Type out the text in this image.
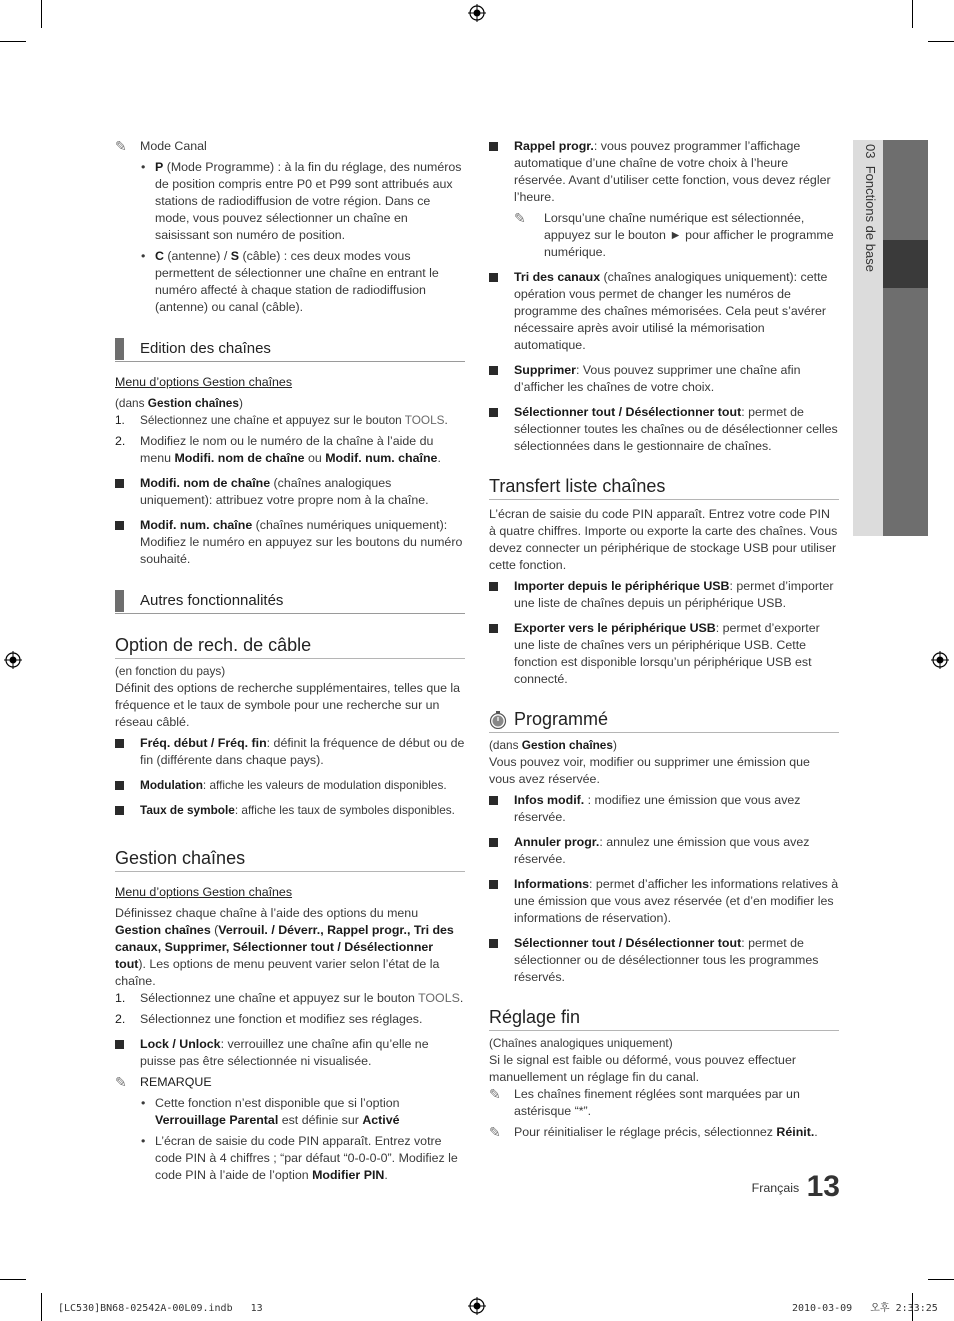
03  Fonctions de base
✎ Mode Canal
• P (Mode Programme) : à la fin du réglage, des numéros de position compris entre P0 et P99 sont attribués aux stations de radiodiffusion de votre région. Dans ce mode, vous pouvez sélectionner un chaîne en saisissant son numéro de position.
• C (antenne) / S (câble) : ces deux modes vous permettent de sélectionner une chaîne en entrant le numéro affecté à chaque station de radiodiffusion (antenne) ou canal (câble).
Edition des chaînes
Menu d’options Gestion chaînes
(dans Gestion chaînes)
1. Sélectionnez une chaîne et appuyez sur le bouton TOOLS.
2. Modifiez le nom ou le numéro de la chaîne à l’aide du menu Modifi. nom de chaîne ou Modif. num. chaîne.
Modifi. nom de chaîne (chaînes analogiques uniquement): attribuez votre propre nom à la chaîne.
Modif. num. chaîne (chaînes numériques uniquement): Modifiez le numéro en appuyez sur les boutons du numéro souhaité.
Autres fonctionnalités
Option de rech. de câble
(en fonction du pays)

Définit des options de recherche supplémentaires, telles que la fréquence et le taux de symbole pour une recherche sur un réseau câblé.

Fréq. début / Fréq. fin: définit la fréquence de début ou de fin (différente dans chaque pays).
Modulation: affiche les valeurs de modulation disponibles.
Taux de symbole: affiche les taux de symboles disponibles.
Gestion chaînes
Menu d’options Gestion chaînes

Définissez chaque chaîne à l’aide des options du menu Gestion chaînes (Verrouil. / Déverr., Rappel progr., Tri des canaux, Supprimer, Sélectionner tout / Désélectionner tout). Les options de menu peuvent varier selon l’état de la chaîne.

1. Sélectionnez une chaîne et appuyez sur le bouton TOOLS.
2. Sélectionnez une fonction et modifiez ses réglages.
Lock / Unlock: verrouillez une chaîne afin qu’elle ne puisse pas être sélectionnée ni visualisée.
✎ REMARQUE
• Cette fonction n’est disponible que si l’option Verrouillage Parental est définie sur Activé
• L’écran de saisie du code PIN apparaît. Entrez votre code PIN à 4 chiffres ; “par défaut “0-0-0-0”. Modifiez le code PIN à l’aide de l’option Modifier PIN.
Rappel progr.: vous pouvez programmer l’affichage automatique d’une chaîne de votre choix à l’heure réservée. Avant d’utiliser cette fonction, vous devez régler l’heure.
✎ Lorsqu’une chaîne numérique est sélectionnée, appuyez sur le bouton ► pour afficher le programme numérique.
Tri des canaux (chaînes analogiques uniquement): cette opération vous permet de changer les numéros de programme des chaînes mémorisées. Cela peut s’avérer nécessaire après avoir utilisé la mémorisation automatique.
Supprimer: Vous pouvez supprimer une chaîne afin d’afficher les chaînes de votre choix.
Sélectionner tout / Désélectionner tout: permet de sélectionner toutes les chaînes ou de désélectionner celles sélectionnées dans le gestionnaire de chaînes.
Transfert liste chaînes

L’écran de saisie du code PIN apparaît. Entrez votre code PIN à quatre chiffres. Importe ou exporte la carte des chaînes. Vous devez connecter un périphérique de stockage USB pour utiliser cette fonction.

Importer depuis le périphérique USB: permet d’importer une liste de chaînes depuis un périphérique USB.
Exporter vers le périphérique USB: permet d’exporter une liste de chaînes vers un périphérique USB. Cette fonction est disponible lorsqu’un périphérique USB est connecté.
Programmé
(dans Gestion chaînes)

Vous pouvez voir, modifier ou supprimer une émission que vous avez réservée.

Infos modif. : modifiez une émission que vous avez réservée.
Annuler progr.: annulez une émission que vous avez réservée.
Informations: permet d’afficher les informations relatives à une émission que vous avez réservée (et d’en modifier les informations de réservation).
Sélectionner tout / Désélectionner tout: permet de sélectionner ou de désélectionner tous les programmes réservés.
Réglage fin
(Chaînes analogiques uniquement)

Si le signal est faible ou déformé, vous pouvez effectuer manuellement un réglage fin du canal.

✎ Les chaînes finement réglées sont marquées par un astérisque “*”.
✎ Pour réinitialiser le réglage précis, sélectionnez Réinit..
Français 13
[LC530]BN68-02542A-00L09.indb   13	2010-03-09   오후 2:33:25
